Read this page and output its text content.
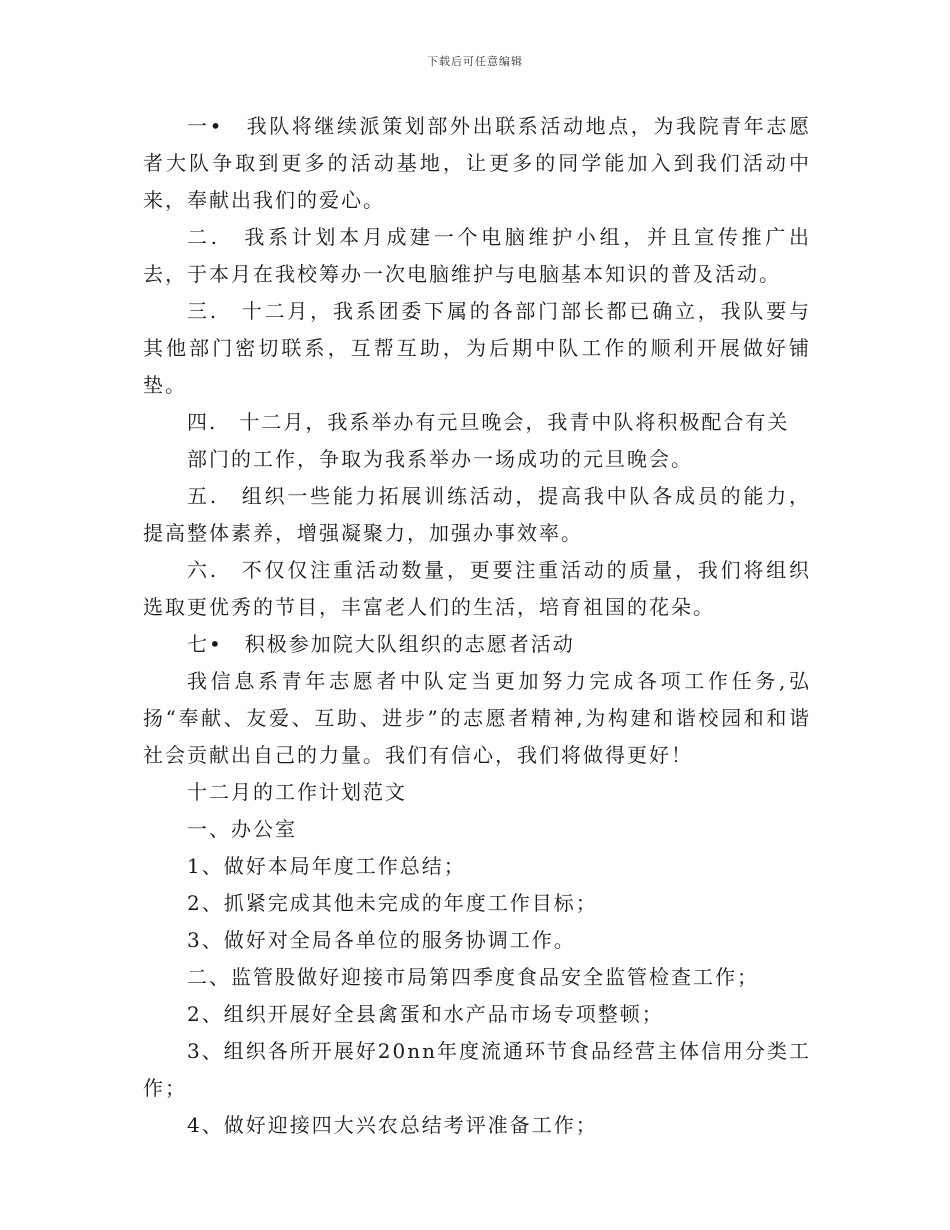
下载后可任意编辑

一•　我队将继续派策划部外出联系活动地点，为我院青年志愿者大队争取到更多的活动基地，让更多的同学能加入到我们活动中来，奉献出我们的爱心。

二.　我系计划本月成建一个电脑维护小组，并且宣传推广出去，于本月在我校筹办一次电脑维护与电脑基本知识的普及活动。

三.　十二月，我系团委下属的各部门部长都已确立，我队要与其他部门密切联系，互帮互助，为后期中队工作的顺利开展做好铺垫。

四.　十二月，我系举办有元旦晚会，我青中队将积极配合有关

部门的工作，争取为我系举办一场成功的元旦晚会。

五.　组织一些能力拓展训练活动，提高我中队各成员的能力，提高整体素养，增强凝聚力，加强办事效率。

六.　不仅仅注重活动数量，更要注重活动的质量，我们将组织选取更优秀的节目，丰富老人们的生活，培育祖国的花朵。

七•　积极参加院大队组织的志愿者活动

我信息系青年志愿者中队定当更加努力完成各项工作任务,弘扬“奉献、友爱、互助、进步”的志愿者精神,为构建和谐校园和和谐社会贡献出自己的力量。我们有信心，我们将做得更好！

十二月的工作计划范文

一、办公室

1、做好本局年度工作总结；

2、抓紧完成其他未完成的年度工作目标；

3、做好对全局各单位的服务协调工作。

二、监管股做好迎接市局第四季度食品安全监管检查工作；

2、组织开展好全县禽蛋和水产品市场专项整顿；

3、组织各所开展好20nn年度流通环节食品经营主体信用分类工作；

4、做好迎接四大兴农总结考评准备工作；
